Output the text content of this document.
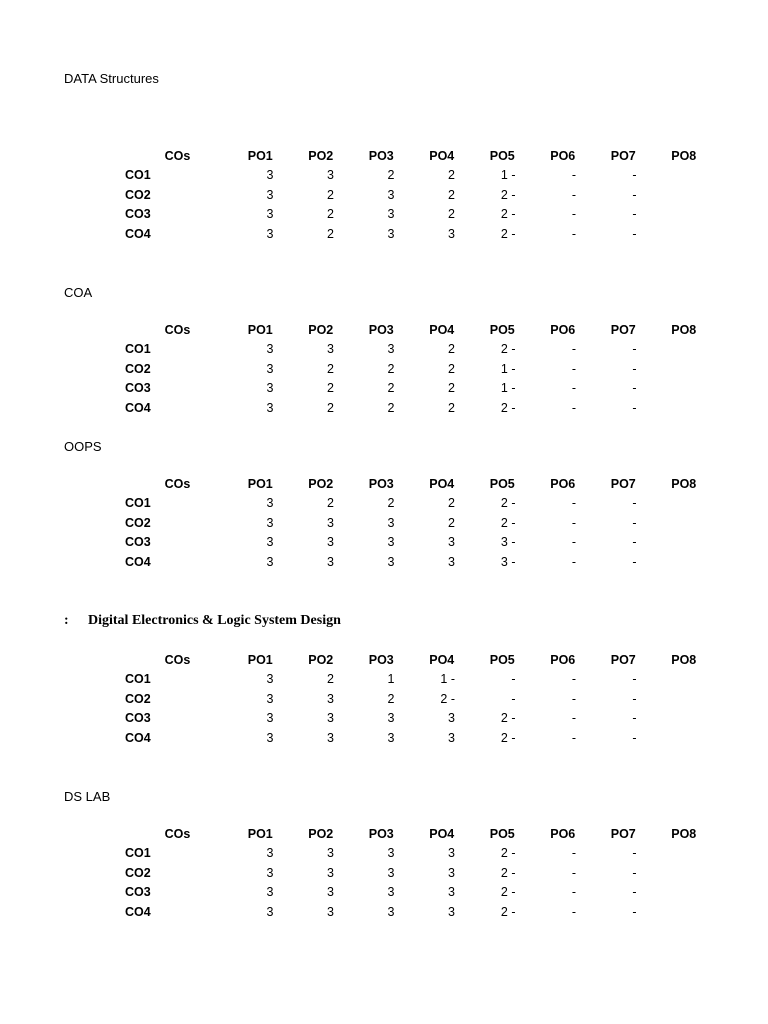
DATA Structures
	COs	PO1	PO2	PO3	PO4	PO5	PO6	PO7	PO8
	CO1	3	3	2	2	1 -	-	-	
	CO2	3	2	3	2	2 -	-	-	
	CO3	3	2	3	2	2 -	-	-	
	CO4	3	2	3	3	2 -	-	-	
COA
	COs	PO1	PO2	PO3	PO4	PO5	PO6	PO7	PO8
	CO1	3	3	3	2	2 -	-	-	
	CO2	3	2	2	2	1 -	-	-	
	CO3	3	2	2	2	1 -	-	-	
	CO4	3	2	2	2	2 -	-	-	
OOPS
	COs	PO1	PO2	PO3	PO4	PO5	PO6	PO7	PO8
	CO1	3	2	2	2	2 -	-	-	
	CO2	3	3	3	2	2 -	-	-	
	CO3	3	3	3	3	3 -	-	-	
	CO4	3	3	3	3	3 -	-	-	
: Digital Electronics & Logic System Design
	COs	PO1	PO2	PO3	PO4	PO5	PO6	PO7	PO8
	CO1	3	2	1	1 -	-	-	-	
	CO2	3	3	2	2 -	-	-	-	
	CO3	3	3	3	3	2 -	-	-	
	CO4	3	3	3	3	2 -	-	-	
DS LAB
	COs	PO1	PO2	PO3	PO4	PO5	PO6	PO7	PO8
	CO1	3	3	3	3	2 -	-	-	
	CO2	3	3	3	3	2 -	-	-	
	CO3	3	3	3	3	2 -	-	-	
	CO4	3	3	3	3	2 -	-	-	
